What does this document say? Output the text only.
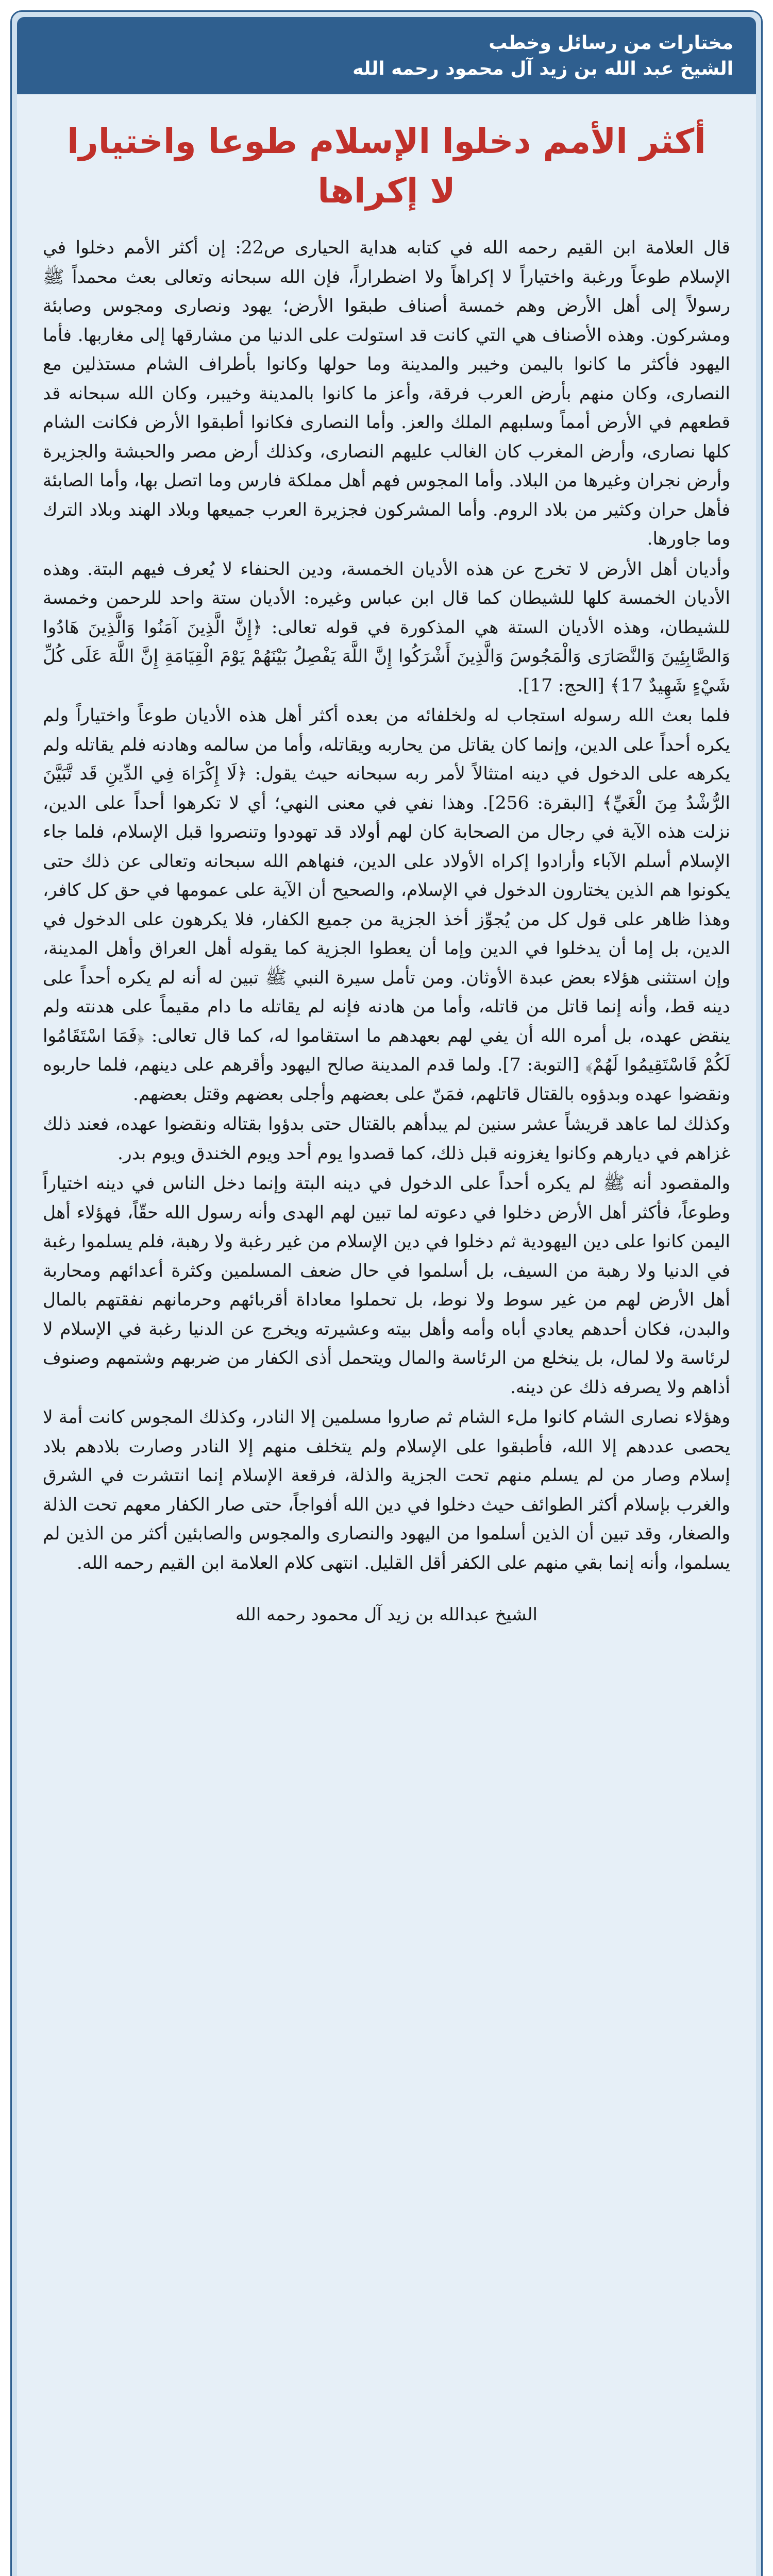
مختارات من رسائل وخطب
الشيخ عبد الله بن زيد آل محمود رحمه الله
أكثر الأمم دخلوا الإسلام طوعا واختيارا لا إكراها

قال العلامة ابن القيم رحمه الله في كتابه هداية الحيارى ص22: إن أكثر الأمم دخلوا في الإسلام طوعاً ورغبة واختياراً لا إكراهاً ولا اضطراراً، فإن الله سبحانه وتعالى بعث محمداً ﷺ رسولاً إلى أهل الأرض وهم خمسة أصناف طبقوا الأرض؛ يهود ونصارى ومجوس وصابئة ومشركون. وهذه الأصناف هي التي كانت قد استولت على الدنيا من مشارقها إلى مغاربها. فأما اليهود فأكثر ما كانوا باليمن وخيبر والمدينة وما حولها وكانوا بأطراف الشام مستذلين مع النصارى، وكان منهم بأرض العرب فرقة، وأعز ما كانوا بالمدينة وخيبر، وكان الله سبحانه قد قطعهم في الأرض أمماً وسلبهم الملك والعز. وأما النصارى فكانوا أطبقوا الأرض فكانت الشام كلها نصارى، وأرض المغرب كان الغالب عليهم النصارى، وكذلك أرض مصر والحبشة والجزيرة وأرض نجران وغيرها من البلاد. وأما المجوس فهم أهل مملكة فارس وما اتصل بها، وأما الصابئة فأهل حران وكثير من بلاد الروم. وأما المشركون فجزيرة العرب جميعها وبلاد الهند وبلاد الترك وما جاورها.

وأديان أهل الأرض لا تخرج عن هذه الأديان الخمسة، ودين الحنفاء لا يُعرف فيهم البتة. وهذه الأديان الخمسة كلها للشيطان كما قال ابن عباس وغيره: الأديان ستة واحد للرحمن وخمسة للشيطان، وهذه الأديان الستة هي المذكورة في قوله تعالى: ﴿إِنَّ الَّذِينَ آمَنُوا وَالَّذِينَ هَادُوا وَالصَّابِئِينَ وَالنَّصَارَى وَالْمَجُوسَ وَالَّذِينَ أَشْرَكُوا إِنَّ اللَّهَ يَفْصِلُ بَيْنَهُمْ يَوْمَ الْقِيَامَةِ إِنَّ اللَّهَ عَلَى كُلِّ شَيْءٍ شَهِيدٌ 17﴾ [الحج: 17].

فلما بعث الله رسوله استجاب له ولخلفائه من بعده أكثر أهل هذه الأديان طوعاً واختياراً ولم يكره أحداً على الدين، وإنما كان يقاتل من يحاربه ويقاتله، وأما من سالمه وهادنه فلم يقاتله ولم يكرهه على الدخول في دينه امتثالاً لأمر ربه سبحانه حيث يقول: ﴿لَا إِكْرَاهَ فِي الدِّينِ قَد تَّبَيَّنَ الرُّشْدُ مِنَ الْغَيِّ﴾ [البقرة: 256]. وهذا نفي في معنى النهي؛ أي لا تكرهوا أحداً على الدين، نزلت هذه الآية في رجال من الصحابة كان لهم أولاد قد تهودوا وتنصروا قبل الإسلام، فلما جاء الإسلام أسلم الآباء وأرادوا إكراه الأولاد على الدين، فنهاهم الله سبحانه وتعالى عن ذلك حتى يكونوا هم الذين يختارون الدخول في الإسلام، والصحيح أن الآية على عمومها في حق كل كافر، وهذا ظاهر على قول كل من يُجوِّز أخذ الجزية من جميع الكفار، فلا يكرهون على الدخول في الدين، بل إما أن يدخلوا في الدين وإما أن يعطوا الجزية كما يقوله أهل العراق وأهل المدينة، وإن استثنى هؤلاء بعض عبدة الأوثان. ومن تأمل سيرة النبي ﷺ تبين له أنه لم يكره أحداً على دينه قط، وأنه إنما قاتل من قاتله، وأما من هادنه فإنه لم يقاتله ما دام مقيماً على هدنته ولم ينقض عهده، بل أمره الله أن يفي لهم بعهدهم ما استقاموا له، كما قال تعالى: ﴿فَمَا اسْتَقَامُوا لَكُمْ فَاسْتَقِيمُوا لَهُمْ﴾ [التوبة: 7]. ولما قدم المدينة صالح اليهود وأقرهم على دينهم، فلما حاربوه ونقضوا عهده وبدؤوه بالقتال قاتلهم، فمَنّ على بعضهم وأجلى بعضهم وقتل بعضهم.

وكذلك لما عاهد قريشاً عشر سنين لم يبدأهم بالقتال حتى بدؤوا بقتاله ونقضوا عهده، فعند ذلك غزاهم في ديارهم وكانوا يغزونه قبل ذلك، كما قصدوا يوم أحد ويوم الخندق ويوم بدر.

والمقصود أنه ﷺ لم يكره أحداً على الدخول في دينه البتة وإنما دخل الناس في دينه اختياراً وطوعاً، فأكثر أهل الأرض دخلوا في دعوته لما تبين لهم الهدى وأنه رسول الله حقّاً، فهؤلاء أهل اليمن كانوا على دين اليهودية ثم دخلوا في دين الإسلام من غير رغبة ولا رهبة، فلم يسلموا رغبة في الدنيا ولا رهبة من السيف، بل أسلموا في حال ضعف المسلمين وكثرة أعدائهم ومحاربة أهل الأرض لهم من غير سوط ولا نوط، بل تحملوا معاداة أقربائهم وحرمانهم نفقتهم بالمال والبدن، فكان أحدهم يعادي أباه وأمه وأهل بيته وعشيرته ويخرج عن الدنيا رغبة في الإسلام لا لرئاسة ولا لمال، بل ينخلع من الرئاسة والمال ويتحمل أذى الكفار من ضربهم وشتمهم وصنوف أذاهم ولا يصرفه ذلك عن دينه.

وهؤلاء نصارى الشام كانوا ملء الشام ثم صاروا مسلمين إلا النادر، وكذلك المجوس كانت أمة لا يحصى عددهم إلا الله، فأطبقوا على الإسلام ولم يتخلف منهم إلا النادر وصارت بلادهم بلاد إسلام وصار من لم يسلم منهم تحت الجزية والذلة، فرقعة الإسلام إنما انتشرت في الشرق والغرب بإسلام أكثر الطوائف حيث دخلوا في دين الله أفواجاً، حتى صار الكفار معهم تحت الذلة والصغار، وقد تبين أن الذين أسلموا من اليهود والنصارى والمجوس والصابئين أكثر من الذين لم يسلموا، وأنه إنما بقي منهم على الكفر أقل القليل. انتهى كلام العلامة ابن القيم رحمه الله.

الشيخ عبدالله بن زيد آل محمود رحمه الله
